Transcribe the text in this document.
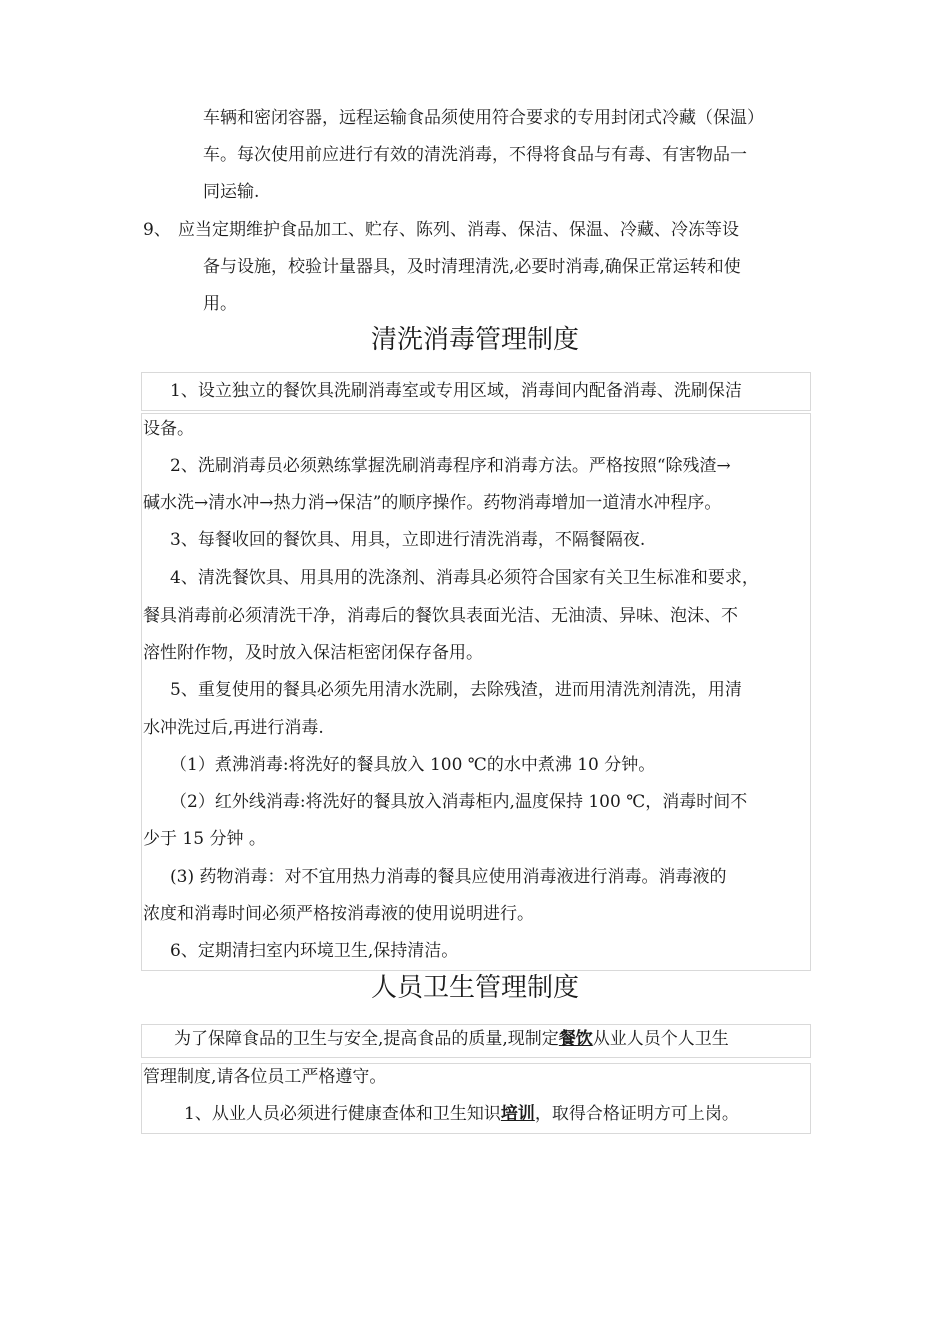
车辆和密闭容器，远程运输食品须使用符合要求的专用封闭式冷藏（保温）
车。每次使用前应进行有效的清洗消毒，不得将食品与有毒、有害物品一
同运输.
9、 应当定期维护食品加工、贮存、陈列、消毒、保洁、保温、冷藏、冷冻等设
备与设施，校验计量器具，及时清理清洗,必要时消毒,确保正常运转和使
用。
清洗消毒管理制度
1、设立独立的餐饮具洗刷消毒室或专用区域，消毒间内配备消毒、洗刷保洁
设备。
2、洗刷消毒员必须熟练掌握洗刷消毒程序和消毒方法。严格按照“除残渣→
碱水洗→清水冲→热力消→保洁”的顺序操作。药物消毒增加一道清水冲程序。
3、每餐收回的餐饮具、用具，立即进行清洗消毒，不隔餐隔夜.
4、清洗餐饮具、用具用的洗涤剂、消毒具必须符合国家有关卫生标准和要求，
餐具消毒前必须清洗干净，消毒后的餐饮具表面光洁、无油渍、异味、泡沫、不
溶性附作物，及时放入保洁柜密闭保存备用。
5、重复使用的餐具必须先用清水洗刷，去除残渣，进而用清洗剂清洗，用清
水冲洗过后,再进行消毒.
（1）煮沸消毒:将洗好的餐具放入 100 ℃的水中煮沸 10 分钟。
（2）红外线消毒:将洗好的餐具放入消毒柜内,温度保持 100 ℃，消毒时间不
少于 15 分钟 。
(3) 药物消毒：对不宜用热力消毒的餐具应使用消毒液进行消毒。消毒液的
浓度和消毒时间必须严格按消毒液的使用说明进行。
6、定期清扫室内环境卫生,保持清洁。
人员卫生管理制度
为了保障食品的卫生与安全,提高食品的质量,现制定餐饮从业人员个人卫生
管理制度,请各位员工严格遵守。
1、从业人员必须进行健康查体和卫生知识培训，取得合格证明方可上岗。
